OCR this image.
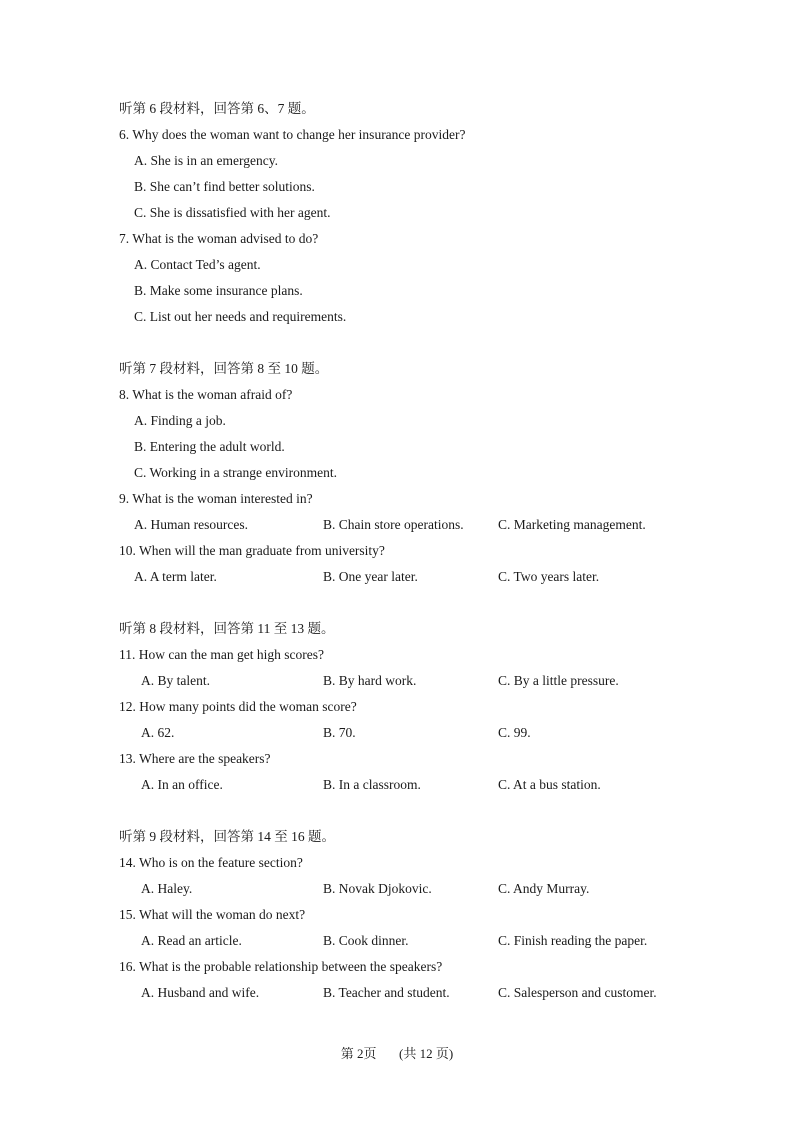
听第 6 段材料，回答第 6、7 题。
6. Why does the woman want to change her insurance provider?
A. She is in an emergency.
B. She can’t find better solutions.
C. She is dissatisfied with her agent.
7. What is the woman advised to do?
A. Contact Ted’s agent.
B. Make some insurance plans.
C. List out her needs and requirements.
听第 7 段材料，回答第 8 至 10 题。
8. What is the woman afraid of?
A. Finding a job.
B. Entering the adult world.
C. Working in a strange environment.
9. What is the woman interested in?
A. Human resources.	B. Chain store operations.	C. Marketing management.
10. When will the man graduate from university?
A. A term later.	B. One year later.	C. Two years later.
听第 8 段材料，回答第 11 至 13 题。
11. How can the man get high scores?
A. By talent.	B. By hard work.	C. By a little pressure.
12. How many points did the woman score?
A. 62.	B. 70.	C. 99.
13. Where are the speakers?
A. In an office.	B. In a classroom.	C. At a bus station.
听第 9 段材料，回答第 14 至 16 题。
14. Who is on the feature section?
A. Haley.	B. Novak Djokovic.	C. Andy Murray.
15. What will the woman do next?
A. Read an article.	B. Cook dinner.	C. Finish reading the paper.
16. What is the probable relationship between the speakers?
A. Husband and wife.	B. Teacher and student.	C. Salesperson and customer.
第 2页 (共 12 页)
